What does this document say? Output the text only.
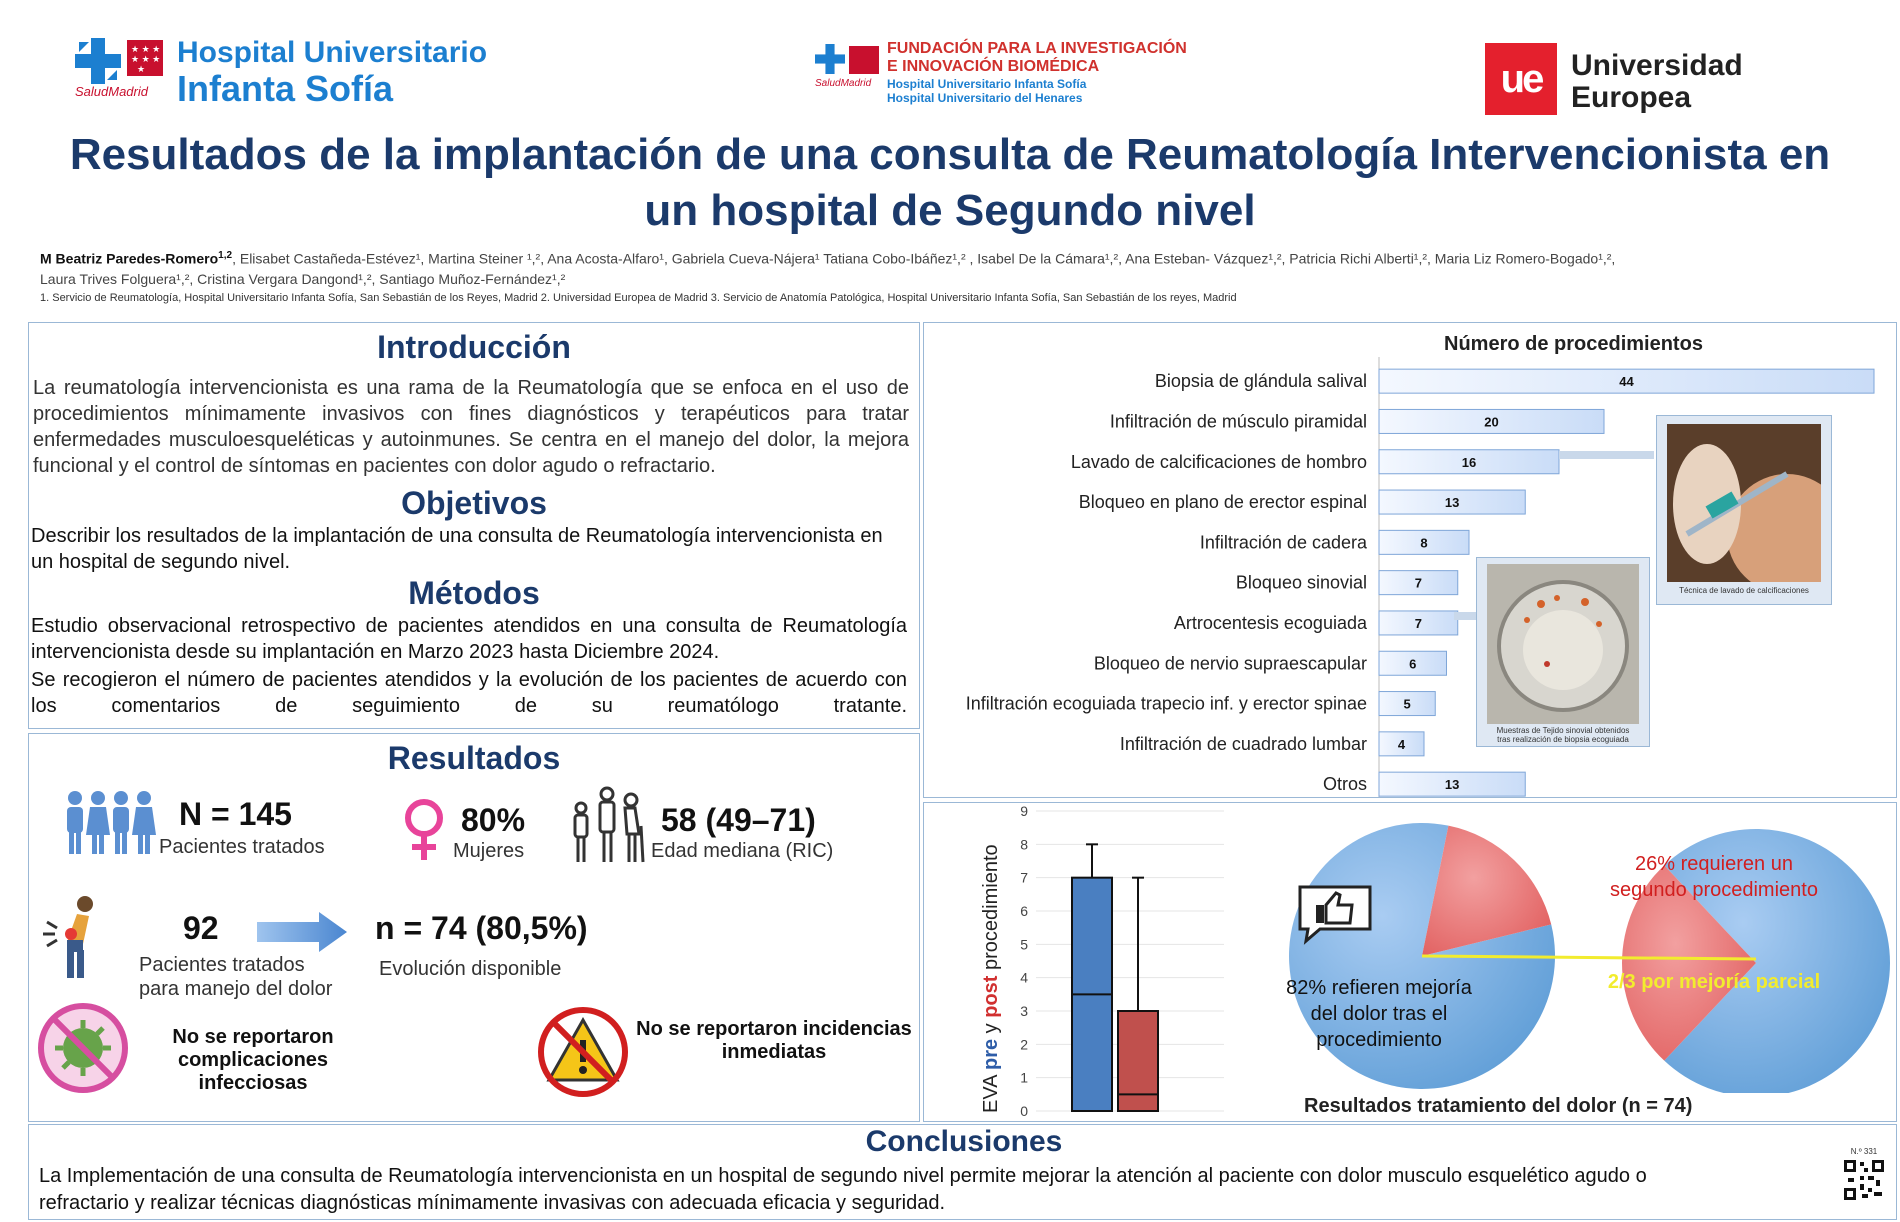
★ ★ ★
★ ★ ★
★
SaludMadrid
Hospital Universitario
Infanta Sofía	SaludMadrid
FUNDACIÓN PARA LA INVESTIGACIÓN
E INNOVACIÓN BIOMÉDICA
Hospital Universitario Infanta Sofía
Hospital Universitario del Henares	ue Universidad
Europea
Resultados de la implantación de una consulta de Reumatología Intervencionista en
un hospital de Segundo nivel
M Beatriz Paredes-Romero$^{1,2}$, Elisabet Castañeda-Estévez¹, Martina Steiner ¹,², Ana Acosta-Alfaro¹, Gabriela Cueva-Nájera¹ Tatiana Cobo-Ibáñez¹,² , Isabel De la Cámara¹,², Ana Esteban- Vázquez¹,², Patricia Richi Alberti¹,², Maria Liz Romero-Bogado¹,²,
Laura Trives Folguera¹,², Cristina Vergara Dangond¹,², Santiago Muñoz-Fernández¹,²
1. Servicio de Reumatología, Hospital Universitario Infanta Sofía, San Sebastián de los Reyes, Madrid 2. Universidad Europea de Madrid 3. Servicio de Anatomía Patológica, Hospital Universitario Infanta Sofía, San Sebastián de los reyes, Madrid
Introducción
La reumatología intervencionista es una rama de la Reumatología que se enfoca en el uso de procedimientos mínimamente invasivos con fines diagnósticos y terapéuticos para tratar enfermedades musculoesqueléticas y autoinmunes. Se centra en el manejo del dolor, la mejora funcional y el control de síntomas en pacientes con dolor agudo o refractario.
Objetivos
Describir los resultados de la implantación de una consulta de Reumatología intervencionista en un hospital de segundo nivel.
Métodos
Estudio observacional retrospectivo de pacientes atendidos en una consulta de Reumatología intervencionista desde su implantación en Marzo 2023 hasta Diciembre 2024.
Se recogieron el número de pacientes atendidos y la evolución de los pacientes de acuerdo con los comentarios de seguimiento de su reumatólogo tratante.
Resultados
N = 145
Pacientes tratados
80%
Mujeres
58 (49–71)
Edad mediana (RIC)
92
Pacientes tratados
para manejo del dolor
n = 74 (80,5%)
Evolución disponible
No se reportaron
complicaciones infecciosas
No se reportaron incidencias
inmediatas
Número de procedimientos
Biopsia de glándula salival	44
Infiltración de músculo piramidal	20
Lavado de calcificaciones de hombro	16
Bloqueo en plano de erector espinal	13
Infiltración de cadera	8
Bloqueo sinovial	7
Artrocentesis ecoguiada	7
Bloqueo de nervio supraescapular	6
Infiltración ecoguiada trapecio inf. y erector spinae	5
Infiltración de cuadrado lumbar 4
Otros	13
Técnica de lavado de calcificaciones
Muestras de Tejido sinovial obtenidos
tras realización de biopsia ecoguiada
0
1
2
3
4
5
6
7
8
9
EVA pre y post procedimiento
82% refieren mejoría
del dolor tras el
procedimiento
26% requieren un
segundo procedimiento
2/3 por mejoría parcial
Resultados tratamiento del dolor (n = 74)
Conclusiones
La Implementación de una consulta de Reumatología intervencionista en un hospital de segundo nivel permite mejorar la atención al paciente con dolor musculo esquelético agudo o
refractario y realizar técnicas diagnósticas mínimamente invasivas con adecuada eficacia y seguridad.
N.º 331
